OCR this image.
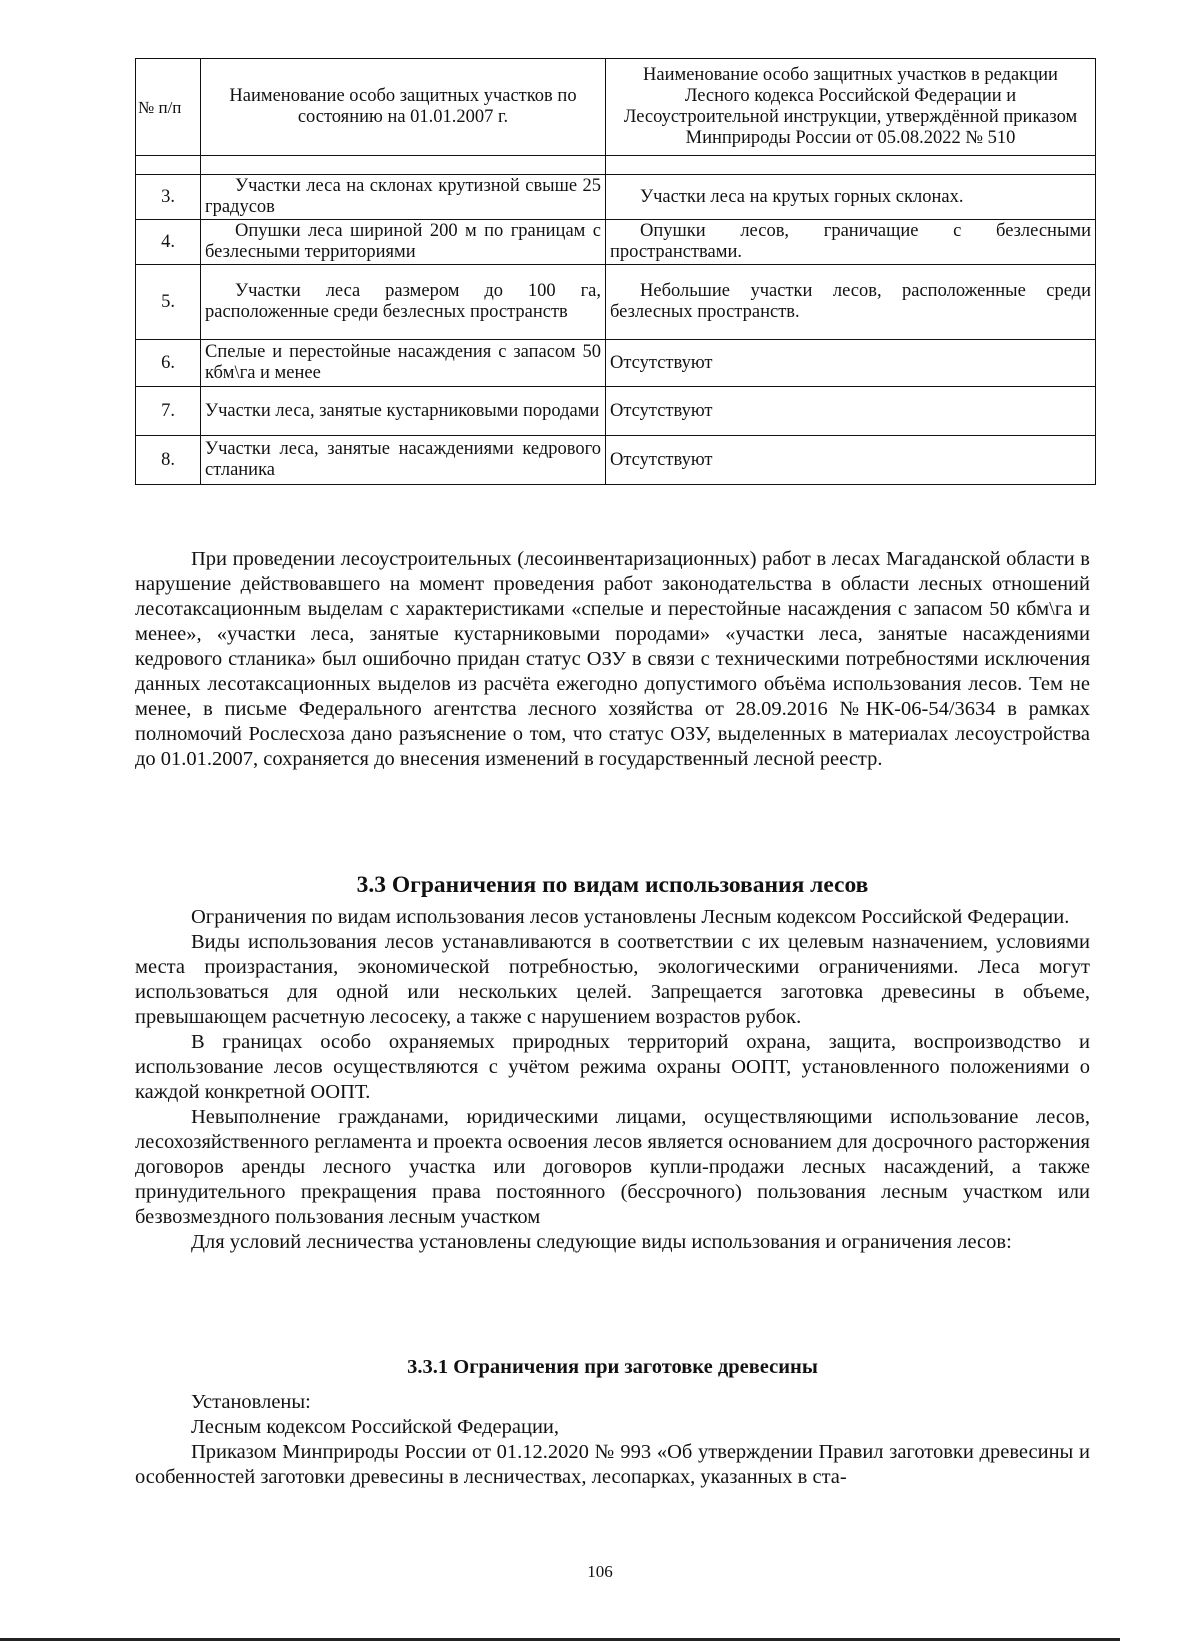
№ п/п	Наименование особо защитных участков по состоянию на 01.01.2007 г.	Наименование особо защитных участков в редакции Лесного кодекса Российской Федерации и Лесоустроительной инструкции, утверждённой приказом Минприроды России от 05.08.2022 № 510

3.	Участки леса на склонах крутизной свыше 25 градусов	Участки леса на крутых горных склонах.
4.	Опушки леса шириной 200 м по границам с безлесными территориями	Опушки лесов, граничащие с безлесными пространствами.
5.	Участки леса размером до 100 га, расположенные среди безлесных пространств	Небольшие участки лесов, расположенные среди безлесных пространств.
6.	Спелые и перестойные насаждения с запасом 50 кбм\га и менее	Отсутствуют
7.	Участки леса, занятые кустарниковыми породами	Отсутствуют
8.	Участки леса, занятые насаждениями кедрового стланика	Отсутствуют

При проведении лесоустроительных (лесоинвентаризационных) работ в лесах Магаданской области в нарушение действовавшего на момент проведения работ законодательства в области лесных отношений лесотаксационным выделам с характеристиками «спелые и перестойные насаждения с запасом 50 кбм\га и менее», «участки леса, занятые кустарниковыми породами» «участки леса, занятые насаждениями кедрового стланика» был ошибочно придан статус ОЗУ в связи с техническими потребностями исключения данных лесотаксационных выделов из расчёта ежегодно допустимого объёма использования лесов. Тем не менее, в письме Федерального агентства лесного хозяйства от 28.09.2016 №НК-06-54/3634 в рамках полномочий Рослесхоза дано разъяснение о том, что статус ОЗУ, выделенных в материалах лесоустройства до 01.01.2007, сохраняется до внесения изменений в государственный лесной реестр.

3.3 Ограничения по видам использования лесов

Ограничения по видам использования лесов установлены Лесным кодексом Российской Федерации.

Виды использования лесов устанавливаются в соответствии с их целевым назначением, условиями места произрастания, экономической потребностью, экологическими ограничениями. Леса могут использоваться для одной или нескольких целей. Запрещается заготовка древесины в объеме, превышающем расчетную лесосеку, а также с нарушением возрастов рубок.

В границах особо охраняемых природных территорий охрана, защита, воспроизводство и использование лесов осуществляются с учётом режима охраны ООПТ, установленного положениями о каждой конкретной ООПТ.

Невыполнение гражданами, юридическими лицами, осуществляющими использование лесов, лесохозяйственного регламента и проекта освоения лесов является основанием для досрочного расторжения договоров аренды лесного участка или договоров купли-продажи лесных насаждений, а также принудительного прекращения права постоянного (бессрочного) пользования лесным участком или безвозмездного пользования лесным участком

Для условий лесничества установлены следующие виды использования и ограничения лесов:

3.3.1 Ограничения при заготовке древесины

Установлены:

Лесным кодексом Российской Федерации,

Приказом Минприроды России от 01.12.2020 № 993 «Об утверждении Правил заготовки древесины и особенностей заготовки древесины в лесничествах, лесопарках, указанных в ста-

106
